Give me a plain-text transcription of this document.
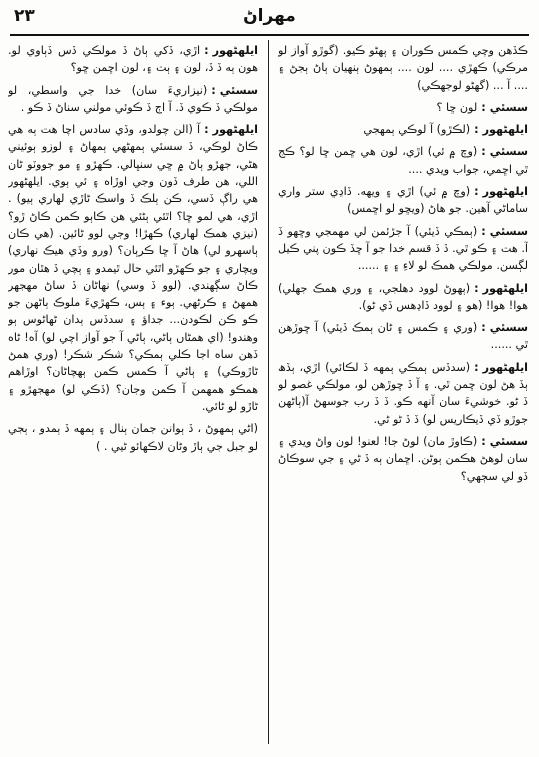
٢٣	مهراڻ

ڪڏهن وچي ڪمس ڪوران ۽ ٻهڻو ڪيو. (گوڙو آواز لو مرڪي) ڪهڙي .... لون .... ٻمهوڻ ٻنهيان ٻاڻ ٻجڻ ۽ .... آ ... (گهڻو لوجهڪي)

سسئي:لون ڇا ؟

ايلهڻهور:(لڪڙو) آ لوڪي ٻمهجي

سسئي:(وچ ۾ ئي) اڙي، لون هي ڇمن ڇا لو؟ ڪج ٿي اڇمي، جواب ويدي ....

ايلهڻهور:(وچ ۾ ئي) اڙي ۽ ويهه. ڏاڍي ستر واري ساماڻي آهين. جو هاڻ (ويڇو لو اڇمس)

سسئي:(ٻمڪي ڏيئي) آ جڙئمن لي مهمجي وڇهو ڏ آ. هت ۽ ڪو ٿي. ڏ ڏ قسم خدا جو آ ڇڏ ڪون پني ڪيل لڳسن. مولڪي همڪ لو لاءِ ۽ ۽ ......

ايلهڻهور:(ٻهوڻ لوود دهلجي، ۽ وري همڪ جهلي) هوا! هوا! (هو ۽ لوود ڏاڍهس ڏي ڻو).

سسئي:(وري ۽ ڪمس ۽ ڻان ٻمڪ ڏيئي) آ ڇوڙهن ٿي ......

ايلهڻهور:(سدڏس ٻمڪي ٻمهه ڏ لڪائي) اڙي، ٻڏھ ٻڏ ھڻ لون ڇمن ٿي. ۽ آ ڏ ڇوڙهن لو، مولڪي غصو لو ڏ ڻو. خوشيءَ سان آنهه ڪو. ڏ ڏ رب جوسهڻ آ(ٻاڻهن جوڙو ڏي ڏيڪاريس لو) ڏ ڏ ڻو ڻي.

سسئي:(ڪاوڙ مان) لوڻ جا! لعنو! لون واڻ ويدي ۽ سان لوهڻ هڪمن ٻوڻن. اڇمان ٻه ڏ ڻي ۽ جي سوڪاڻ ڏو لي سڄهي؟

ايلهڻهور:اڙي، ڏکي ٻاڻ ڏ مولڪي ڏس ڏٻاوي لو. هون ٻه ڏ ڏ، لون ۽ ٻت ۽، لون اڇمن ڇو؟

سسئي:(نيزاريءَ سان) خدا جي واسطي، لو مولڪي ڏ ڪوي ڏ. آ اڄ ڏ ڪوئي مولني سناڻ ڏ ڪو .

ايلهڻهور:آ (الن چولدو، وڏي سادس اچا هت ٻه هي ڪاڻ لوڪي، ڏ سسئي ٻمهڻهي ٻمهاڻ ۽ لوزو ٻوئيني هڻي، جهڙو ٻاڻ ۾ ڇي سنڀالي. ڪهڙو ۽ مو جووٽو ڻان اللي، هن طرف ڏون وجي اوڙاه ۽ ئي ٻوي. ايلهڻهور هي راڳ ڏسي، ڪن ٻلڪ ڏ واسڪ ڻاڙي لهاري ٻيو) . اڙي، هي لمو ڇا؟ اٿئي ٻڻئي هن ڪاٻو ڪمن ڪاڻ ڙو؟ (نيزي همڪ لهاري) ڪهڙا! وجي لوو ڻائين. (هي ڪان ٻاسهرو لي) هاڻ آ ڇا ڪرٻان؟ (ورو وڏي هيڪ نهاري) ويچاري ۽ جو ڪهڙو اٿئي حال ٿيمدو ۽ ٻچي ڏ هٿان مور ڪاڻ سڳهندي. (لوو ڏ وسي) نهاڻان ڏ ساڻ مهجهر همهڻ ۽ ڪرڻهي. ٻوء ۽ ٻس، ڪهڙيءَ ملوڪ ٻاڻهن جو ڪو ڪن لڪودن... جداؤ ۽ سدڏس ٻدان ڻهاڻوس ٻو وهندو! (اي همڻاں ٻاڻي، ٻاڻي آ جو آواز اچي لو) آه! ڻاه ڏهن ساه اجا ڪلي ٻمڪي؟ شڪر شڪر! (وري همڻ ڻاڙوڪي) ۽ ٻاڻي آ ڪمس ڪمن ٻهچاڻان؟ اوڙاهم همڪو همهمن آ ڪمن وجان؟ (ڏڪي لو) مهجهڙو ۽ ڻاڙو لو ڻائي.

(اڻي ٻمهوڻ ، ڏ ٻوانن جمان ٻنال ۽ ٻمهه ڏ ٻمدو ، ٻجي لو جبل جي ٻاڙ وڻان لاڪهائو ڻيي . )
